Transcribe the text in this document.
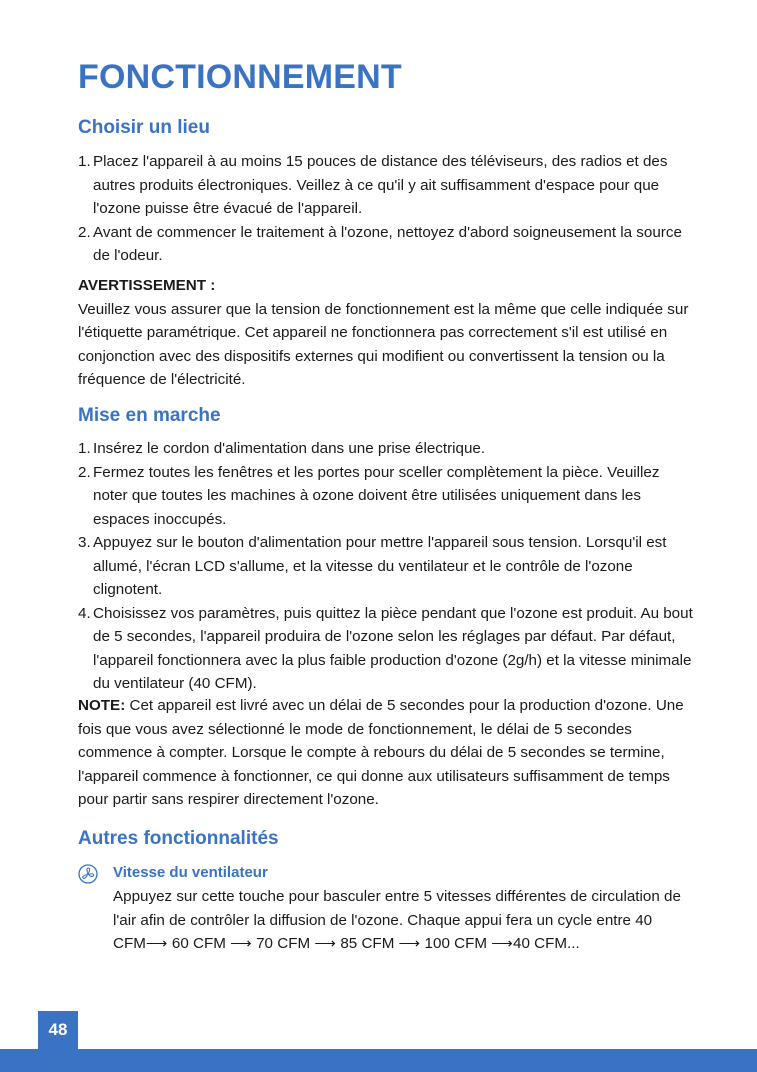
FONCTIONNEMENT
Choisir un lieu
1. Placez l'appareil à au moins 15 pouces de distance des téléviseurs, des radios et des autres produits électroniques. Veillez à ce qu'il y ait suffisamment d'espace pour que l'ozone puisse être évacué de l'appareil.
2. Avant de commencer le traitement à l'ozone, nettoyez d'abord soigneusement la source de l'odeur.

AVERTISSEMENT :
Veuillez vous assurer que la tension de fonctionnement est la même que celle indiquée sur l'étiquette paramétrique. Cet appareil ne fonctionnera pas correctement s'il est utilisé en conjonction avec des dispositifs externes qui modifient ou convertissent la tension ou la fréquence de l'électricité.

Mise en marche
1. Insérez le cordon d'alimentation dans une prise électrique.
2. Fermez toutes les fenêtres et les portes pour sceller complètement la pièce. Veuillez noter que toutes les machines à ozone doivent être utilisées uniquement dans les espaces inoccupés.
3. Appuyez sur le bouton d'alimentation pour mettre l'appareil sous tension. Lorsqu'il est allumé, l'écran LCD s'allume, et la vitesse du ventilateur et le contrôle de l'ozone clignotent.
4. Choisissez vos paramètres, puis quittez la pièce pendant que l'ozone est produit. Au bout de 5 secondes, l'appareil produira de l'ozone selon les réglages par défaut. Par défaut, l'appareil fonctionnera avec la plus faible production d'ozone (2g/h) et la vitesse minimale du ventilateur (40 CFM).

NOTE: Cet appareil est livré avec un délai de 5 secondes pour la production d'ozone. Une fois que vous avez sélectionné le mode de fonctionnement, le délai de 5 secondes commence à compter. Lorsque le compte à rebours du délai de 5 secondes se termine, l'appareil commence à fonctionner, ce qui donne aux utilisateurs suffisamment de temps pour partir sans respirer directement l'ozone.

Autres fonctionnalités
Vitesse du ventilateur

Appuyez sur cette touche pour basculer entre 5 vitesses différentes de circulation de l'air afin de contrôler la diffusion de l'ozone. Chaque appui fera un cycle entre 40 CFM⟶ 60 CFM ⟶ 70 CFM ⟶ 85 CFM ⟶ 100 CFM ⟶40 CFM...

48
